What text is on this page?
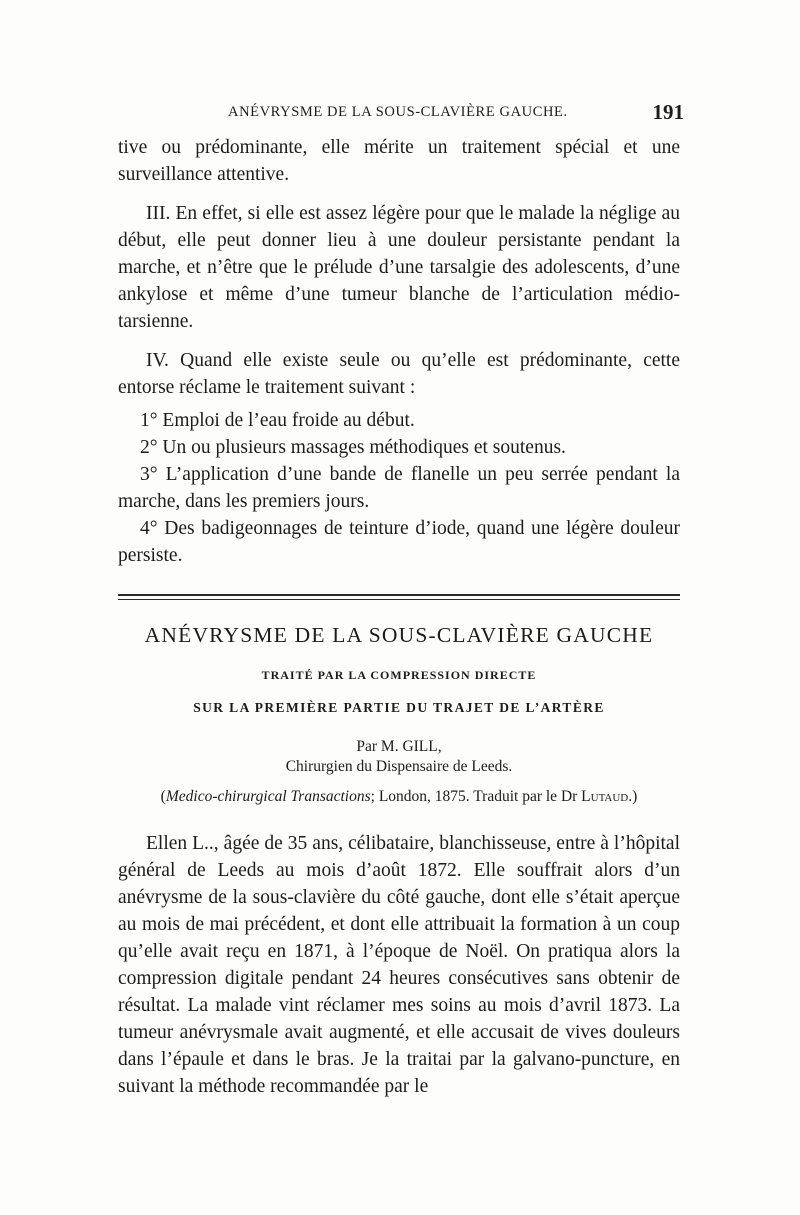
ANÉVRYSME DE LA SOUS-CLAVIÈRE GAUCHE.	191

tive ou prédominante, elle mérite un traitement spécial et une surveillance attentive.

III. En effet, si elle est assez légère pour que le malade la néglige au début, elle peut donner lieu à une douleur persistante pendant la marche, et n’être que le prélude d’une tarsalgie des adolescents, d’une ankylose et même d’une tumeur blanche de l’articulation médio-tarsienne.

IV. Quand elle existe seule ou qu’elle est prédominante, cette entorse réclame le traitement suivant :

1° Emploi de l’eau froide au début.

2° Un ou plusieurs massages méthodiques et soutenus.

3° L’application d’une bande de flanelle un peu serrée pendant la marche, dans les premiers jours.

4° Des badigeonnages de teinture d’iode, quand une légère douleur persiste.

ANÉVRYSME DE LA SOUS-CLAVIÈRE GAUCHE
TRAITÉ PAR LA COMPRESSION DIRECTE
SUR LA PREMIÈRE PARTIE DU TRAJET DE L’ARTÈRE
Par M. GILL,
Chirurgien du Dispensaire de Leeds.
(Medico-chirurgical Transactions; London, 1875. Traduit par le Dr Lutaud.)

Ellen L.., âgée de 35 ans, célibataire, blanchisseuse, entre à l’hôpital général de Leeds au mois d’août 1872. Elle souffrait alors d’un anévrysme de la sous-clavière du côté gauche, dont elle s’était aperçue au mois de mai précédent, et dont elle attribuait la formation à un coup qu’elle avait reçu en 1871, à l’époque de Noël. On pratiqua alors la compression digitale pendant 24 heures consécutives sans obtenir de résultat. La malade vint réclamer mes soins au mois d’avril 1873. La tumeur anévrysmale avait augmenté, et elle accusait de vives douleurs dans l’épaule et dans le bras. Je la traitai par la galvano-puncture, en suivant la méthode recommandée par le
